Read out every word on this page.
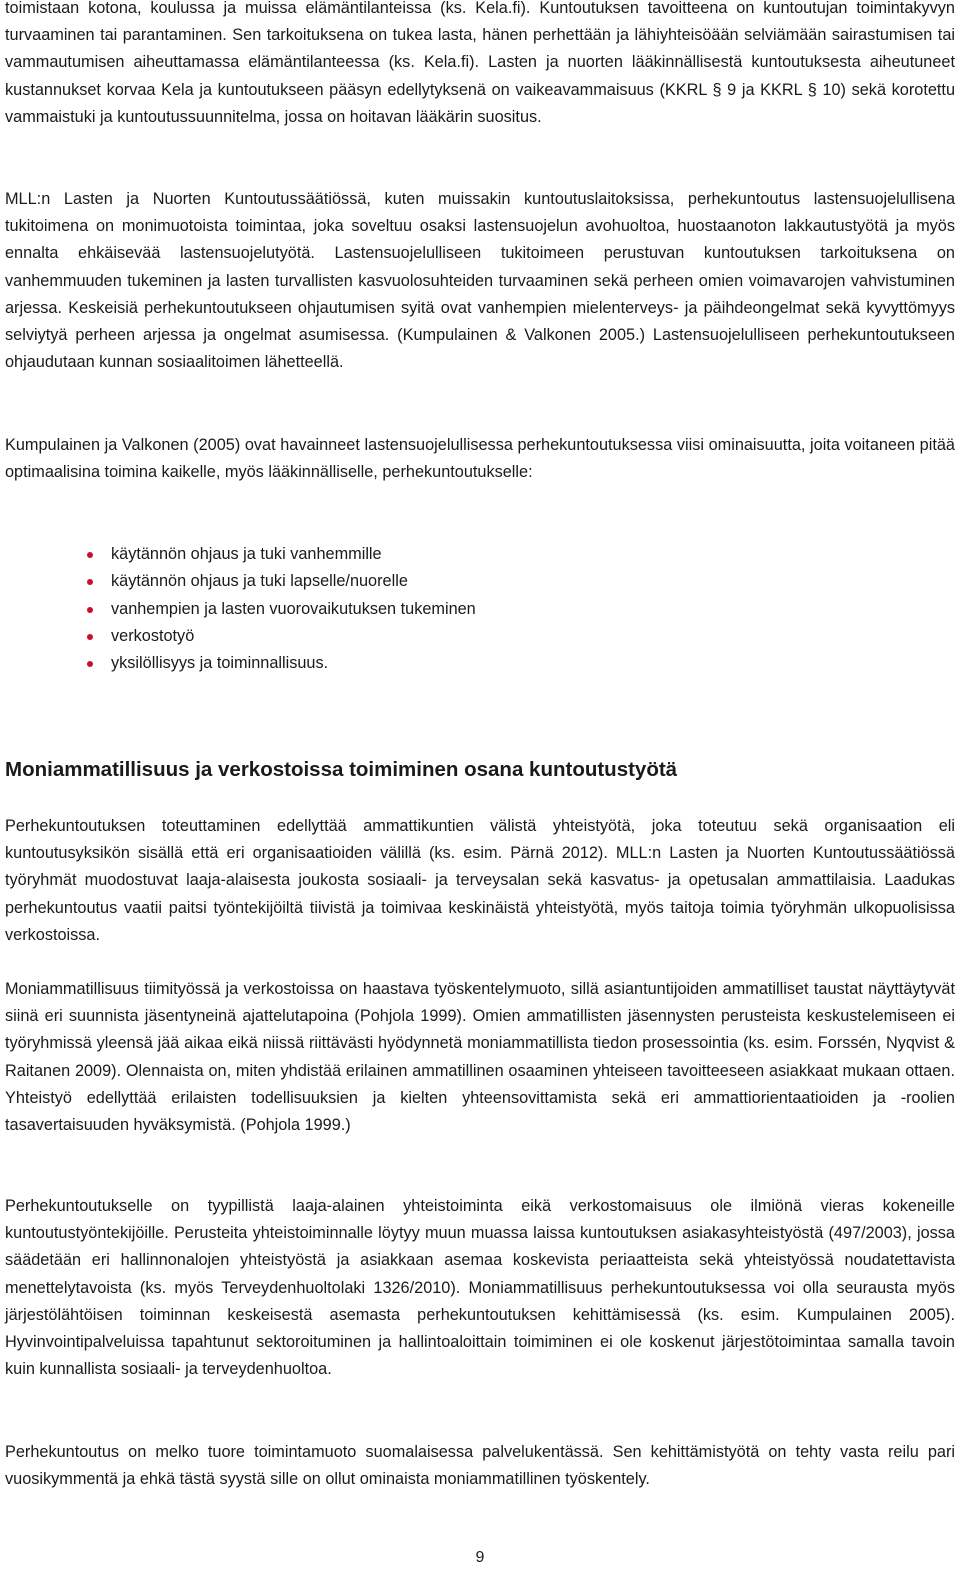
toimistaan kotona, koulussa ja muissa elämäntilanteissa (ks. Kela.fi). Kuntoutuksen tavoitteena on kuntoutujan toimintakyvyn turvaaminen tai parantaminen. Sen tarkoituksena on tukea lasta, hänen perhettään ja lähiyhteisöään selviämään sairastumisen tai vammautumisen aiheuttamassa elämäntilanteessa (ks. Kela.fi). Lasten ja nuorten lääkinnällisestä kuntoutuksesta aiheutuneet kustannukset korvaa Kela ja kuntoutukseen pääsyn edellytyksenä on vaikeavammaisuus (KKRL § 9 ja KKRL § 10) sekä korotettu vammaistuki ja kuntoutussuunnitelma, jossa on hoitavan lääkärin suositus.

MLL:n Lasten ja Nuorten Kuntoutussäätiössä, kuten muissakin kuntoutuslaitoksissa, perhekuntoutus lastensuojelullisena tukitoimena on monimuotoista toimintaa, joka soveltuu osaksi lastensuojelun avohuoltoa, huostaanoton lakkautustyötä ja myös ennalta ehkäisevää lastensuojelutyötä. Lastensuojelulliseen tukitoimeen perustuvan kuntoutuksen tarkoituksena on vanhemmuuden tukeminen ja lasten turvallisten kasvuolosuhteiden turvaaminen sekä perheen omien voimavarojen vahvistuminen arjessa. Keskeisiä perhekuntoutukseen ohjautumisen syitä ovat vanhempien mielenterveys- ja päihdeongelmat sekä kyvyttömyys selviytyä perheen arjessa ja ongelmat asumisessa. (Kumpulainen & Valkonen 2005.) Lastensuojelulliseen perhekuntoutukseen ohjaudutaan kunnan sosiaalitoimen lähetteellä.

Kumpulainen ja Valkonen (2005) ovat havainneet lastensuojelullisessa perhekuntoutuksessa viisi ominaisuutta, joita voitaneen pitää optimaalisina toimina kaikelle, myös lääkinnälliselle, perhekuntoutukselle:

käytännön ohjaus ja tuki vanhemmille
käytännön ohjaus ja tuki lapselle/nuorelle
vanhempien ja lasten vuorovaikutuksen tukeminen
verkostotyö
yksilöllisyys ja toiminnallisuus.
Moniammatillisuus ja verkostoissa toimiminen osana kuntoutustyötä

Perhekuntoutuksen toteuttaminen edellyttää ammattikuntien välistä yhteistyötä, joka toteutuu sekä organisaation eli kuntoutusyksikön sisällä että eri organisaatioiden välillä (ks. esim. Pärnä 2012). MLL:n Lasten ja Nuorten Kuntoutussäätiössä työryhmät muodostuvat laaja-alaisesta joukosta sosiaali- ja terveysalan sekä kasvatus- ja opetusalan ammattilaisia. Laadukas perhekuntoutus vaatii paitsi työntekijöiltä tiivistä ja toimivaa keskinäistä yhteistyötä, myös taitoja toimia työryhmän ulkopuolisissa verkostoissa.

Moniammatillisuus tiimityössä ja verkostoissa on haastava työskentelymuoto, sillä asiantuntijoiden ammatilliset taustat näyttäytyvät siinä eri suunnista jäsentyneinä ajattelutapoina (Pohjola 1999). Omien ammatillisten jäsennysten perusteista keskustelemiseen ei työryhmissä yleensä jää aikaa eikä niissä riittävästi hyödynnetä moniammatillista tiedon prosessointia (ks. esim. Forssén, Nyqvist & Raitanen 2009). Olennaista on, miten yhdistää erilainen ammatillinen osaaminen yhteiseen tavoitteeseen asiakkaat mukaan ottaen. Yhteistyö edellyttää erilaisten todellisuuksien ja kielten yhteensovittamista sekä eri ammattiorientaatioiden ja -roolien tasavertaisuuden hyväksymistä. (Pohjola 1999.)

Perhekuntoutukselle on tyypillistä laaja-alainen yhteistoiminta eikä verkostomaisuus ole ilmiönä vieras kokeneille kuntoutustyöntekijöille. Perusteita yhteistoiminnalle löytyy muun muassa laissa kuntoutuksen asiakasyhteistyöstä (497/2003), jossa säädetään eri hallinnonalojen yhteistyöstä ja asiakkaan asemaa koskevista periaatteista sekä yhteistyössä noudatettavista menettelytavoista (ks. myös Terveydenhuoltolaki 1326/2010). Moniammatillisuus perhekuntoutuksessa voi olla seurausta myös järjestölähtöisen toiminnan keskeisestä asemasta perhekuntoutuksen kehittämisessä (ks. esim. Kumpulainen 2005). Hyvinvointipalveluissa tapahtunut sektoroituminen ja hallintoalоittain toimiminen ei ole koskenut järjestötoimintaa samalla tavoin kuin kunnallista sosiaali- ja terveydenhuoltoa.

Perhekuntoutus on melko tuore toimintamuoto suomalaisessa palvelukentässä. Sen kehittämistyötä on tehty vasta reilu pari vuosikymmentä ja ehkä tästä syystä sille on ollut ominaista moniammatillinen työskentely.

9
